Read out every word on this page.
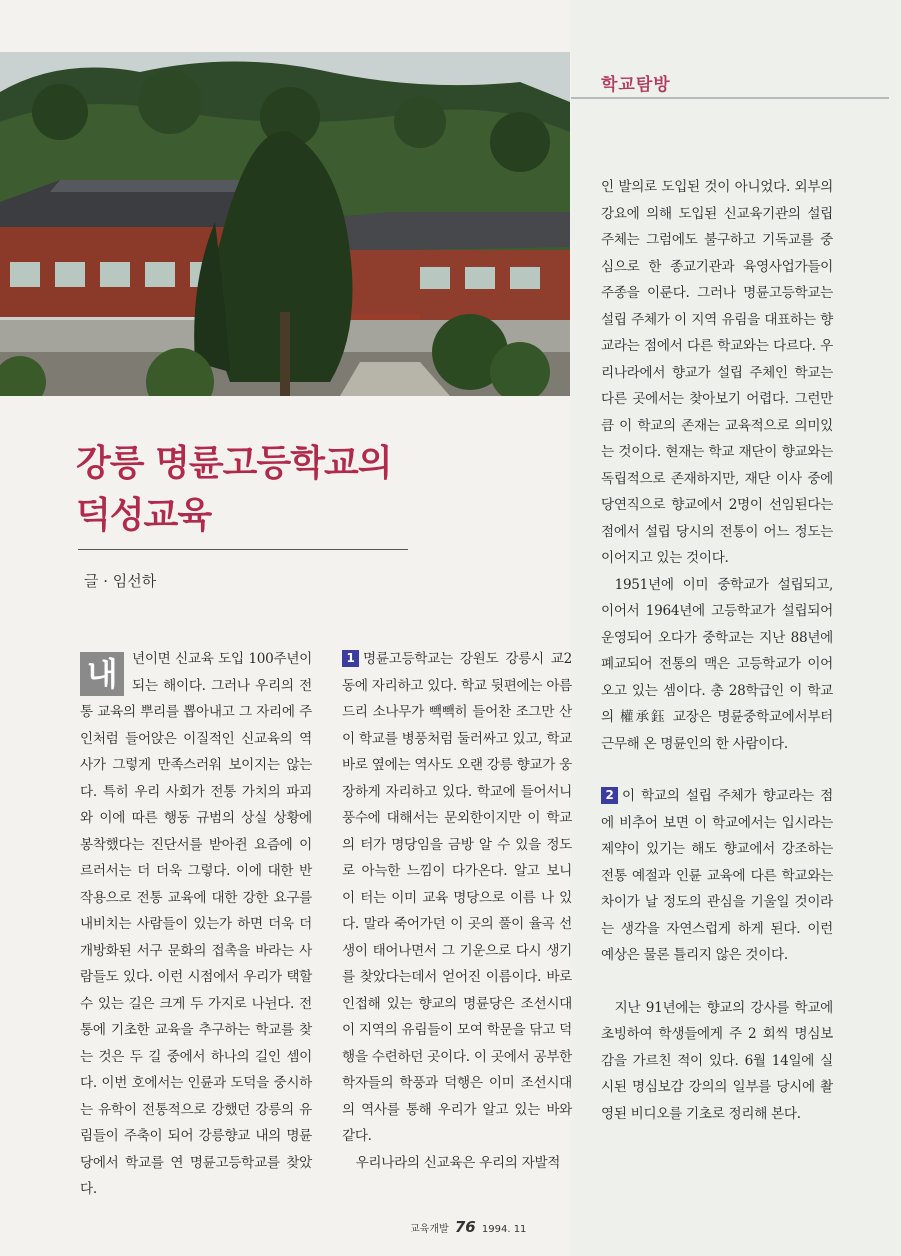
학교탐방
강릉 명륜고등학교의
덕성교육
글 · 임선하

내	년이면 신교육 도입 100주년이 되는 해이다. 그러나 우리의 전통 교육의 뿌리를 뽑아내고 그 자리에 주인처럼 들어앉은 이질적인 신교육의 역사가 그렇게 만족스러워 보이지는 않는다. 특히 우리 사회가 전통 가치의 파괴와 이에 따른 행동 규범의 상실 상황에 봉착했다는 진단서를 받아쥔 요즘에 이르러서는 더 더욱 그렇다. 이에 대한 반작용으로 전통 교육에 대한 강한 요구를 내비치는 사람들이 있는가 하면 더욱 더 개방화된 서구 문화의 접촉을 바라는 사람들도 있다. 이런 시점에서 우리가 택할 수 있는 길은 크게 두 가지로 나뉜다. 전통에 기초한 교육을 추구하는 학교를 찾는 것은 두 길 중에서 하나의 길인 셈이다. 이번 호에서는 인륜과 도덕을 중시하는 유학이 전통적으로 강했던 강릉의 유림들이 주축이 되어 강릉향교 내의 명륜당에서 학교를 연 명륜고등학교를 찾았다.

1 명륜고등학교는 강원도 강릉시 교2동에 자리하고 있다. 학교 뒷편에는 아름드리 소나무가 빽빽히 들어찬 조그만 산이 학교를 병풍처럼 둘러싸고 있고, 학교 바로 옆에는 역사도 오랜 강릉 향교가 웅장하게 자리하고 있다. 학교에 들어서니 풍수에 대해서는 문외한이지만 이 학교의 터가 명당임을 금방 알 수 있을 정도로 아늑한 느낌이 다가온다. 알고 보니 이 터는 이미 교육 명당으로 이름 나 있다. 말라 죽어가던 이 곳의 풀이 율곡 선생이 태어나면서 그 기운으로 다시 생기를 찾았다는데서 얻어진 이름이다. 바로 인접해 있는 향교의 명륜당은 조선시대 이 지역의 유림들이 모여 학문을 닦고 덕행을 수련하던 곳이다. 이 곳에서 공부한 학자들의 학풍과 덕행은 이미 조선시대의 역사를 통해 우리가 알고 있는 바와 같다.

우리나라의 신교육은 우리의 자발적

인 발의로 도입된 것이 아니었다. 외부의 강요에 의해 도입된 신교육기관의 설립 주체는 그럼에도 불구하고 기독교를 중심으로 한 종교기관과 육영사업가들이 주종을 이룬다. 그러나 명륜고등학교는 설립 주체가 이 지역 유림을 대표하는 향교라는 점에서 다른 학교와는 다르다. 우리나라에서 향교가 설립 주체인 학교는 다른 곳에서는 찾아보기 어렵다. 그런만큼 이 학교의 존재는 교육적으로 의미있는 것이다. 현재는 학교 재단이 향교와는 독립적으로 존재하지만, 재단 이사 중에 당연직으로 향교에서 2명이 선임된다는 점에서 설립 당시의 전통이 어느 정도는 이어지고 있는 것이다.

1951년에 이미 중학교가 설립되고, 이어서 1964년에 고등학교가 설립되어 운영되어 오다가 중학교는 지난 88년에 폐교되어 전통의 맥은 고등학교가 이어오고 있는 셈이다. 총 28학급인 이 학교의 權承鈺 교장은 명륜중학교에서부터 근무해 온 명륜인의 한 사람이다.

2 이 학교의 설립 주체가 향교라는 점에 비추어 보면 이 학교에서는 입시라는 제약이 있기는 해도 향교에서 강조하는 전통 예절과 인륜 교육에 다른 학교와는 차이가 날 정도의 관심을 기울일 것이라는 생각을 자연스럽게 하게 된다. 이런 예상은 물론 틀리지 않은 것이다.

지난 91년에는 향교의 강사를 학교에 초빙하여 학생들에게 주 2 회씩 명심보감을 가르친 적이 있다. 6월 14일에 실시된 명심보감 강의의 일부를 당시에 촬영된 비디오를 기초로 정리해 본다.

교육개발 76 1994. 11
